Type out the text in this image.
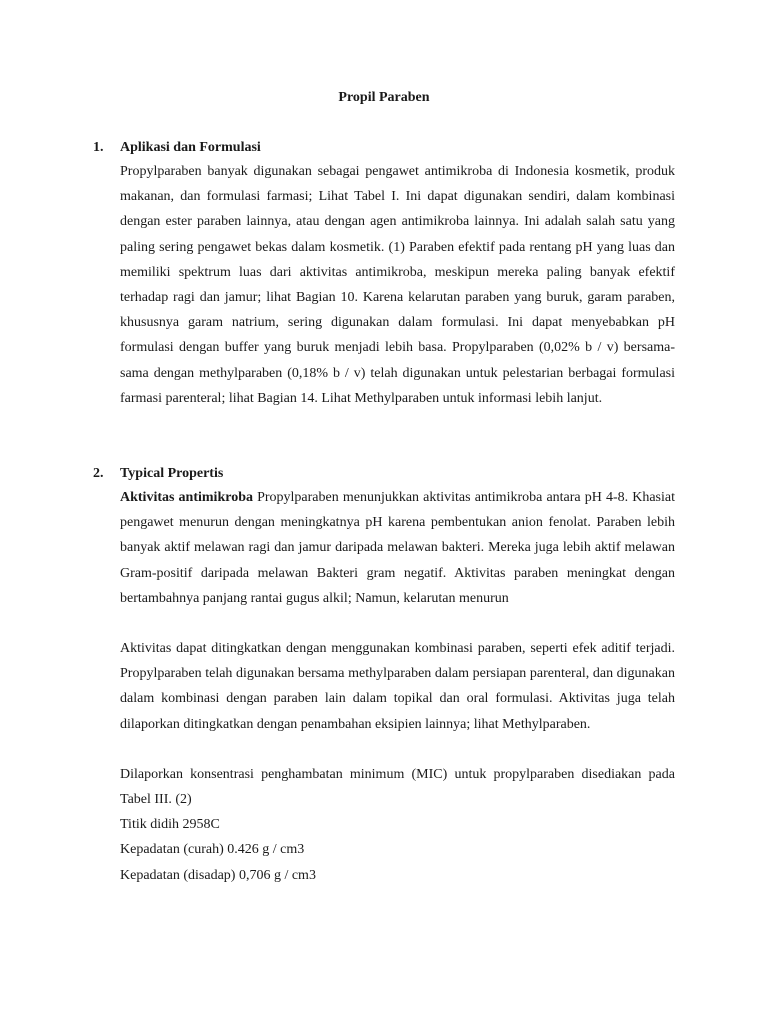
Propil Paraben
1. Aplikasi dan Formulasi

Propylparaben banyak digunakan sebagai pengawet antimikroba di Indonesia kosmetik, produk makanan, dan formulasi farmasi; Lihat Tabel I. Ini dapat digunakan sendiri, dalam kombinasi dengan ester paraben lainnya, atau dengan agen antimikroba lainnya. Ini adalah salah satu yang paling sering pengawet bekas dalam kosmetik. (1) Paraben efektif pada rentang pH yang luas dan memiliki spektrum luas dari aktivitas antimikroba, meskipun mereka paling banyak efektif terhadap ragi dan jamur; lihat Bagian 10. Karena kelarutan paraben yang buruk, garam paraben, khususnya garam natrium, sering digunakan dalam formulasi. Ini dapat menyebabkan pH formulasi dengan buffer yang buruk menjadi lebih basa. Propylparaben (0,02% b / v) bersama-sama dengan methylparaben (0,18% b / v) telah digunakan untuk pelestarian berbagai formulasi farmasi parenteral; lihat Bagian 14. Lihat Methylparaben untuk informasi lebih lanjut.

2. Typical Propertis

Aktivitas antimikroba Propylparaben menunjukkan aktivitas antimikroba antara pH 4-8. Khasiat pengawet menurun dengan meningkatnya pH karena pembentukan anion fenolat. Paraben lebih banyak aktif melawan ragi dan jamur daripada melawan bakteri. Mereka juga lebih aktif melawan Gram-positif daripada melawan Bakteri gram negatif. Aktivitas paraben meningkat dengan bertambahnya panjang rantai gugus alkil; Namun, kelarutan menurun

Aktivitas dapat ditingkatkan dengan menggunakan kombinasi paraben, seperti efek aditif terjadi. Propylparaben telah digunakan bersama methylparaben dalam persiapan parenteral, dan digunakan dalam kombinasi dengan paraben lain dalam topikal dan oral formulasi. Aktivitas juga telah dilaporkan ditingkatkan dengan penambahan eksipien lainnya; lihat Methylparaben.

Dilaporkan konsentrasi penghambatan minimum (MIC) untuk propylparaben disediakan pada Tabel III. (2)

Titik didih 2958C

Kepadatan (curah) 0.426 g / cm3

Kepadatan (disadap) 0,706 g / cm3
